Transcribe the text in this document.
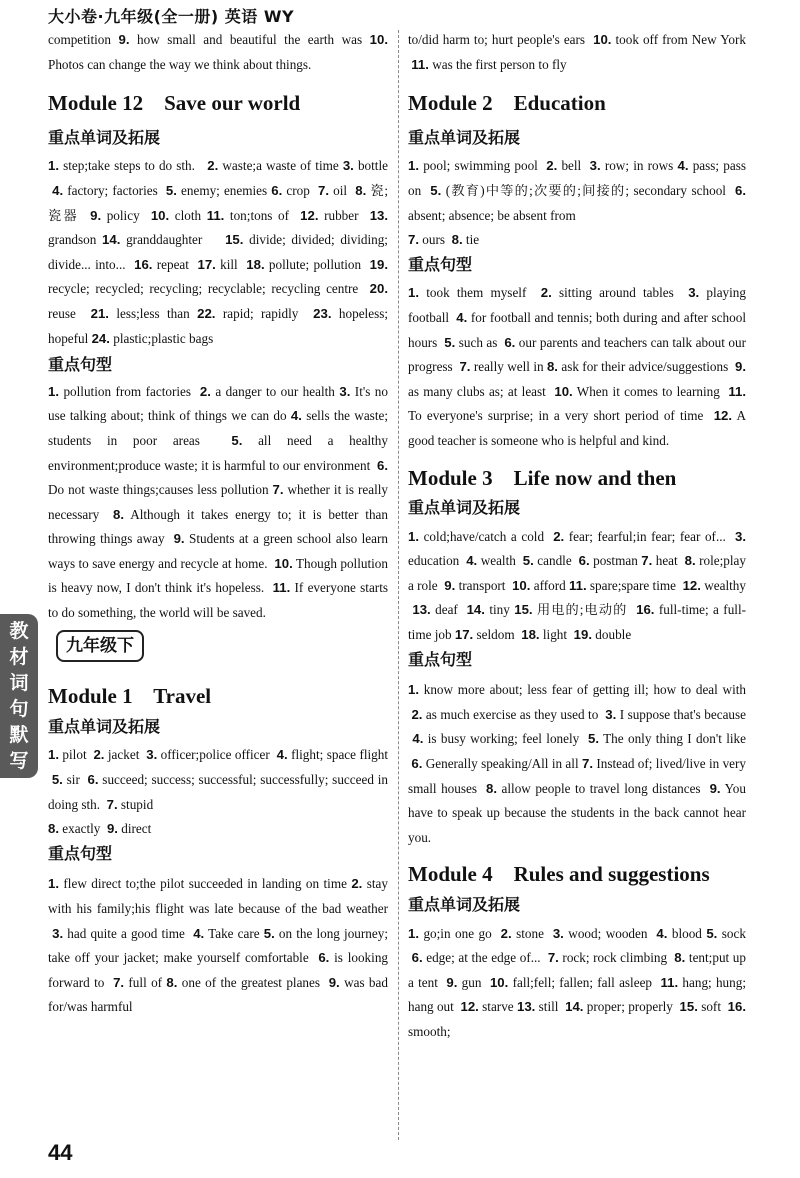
大小卷·九年级(全一册) 英语 WY

competition 9. how small and beautiful the earth was 10. Photos can change the way we think about things.

Module 12    Save our world

重点单词及拓展

1. step;take steps to do sth.   2. waste;a waste of time 3. bottle  4. factory; factories  5. enemy; enemies 6. crop  7. oil  8. 瓷;瓷器  9. policy  10. cloth 11. ton;tons of  12. rubber  13. grandson 14. granddaughter    15. divide; divided; dividing; divide... into...  16. repeat  17. kill  18. pollute; pollution  19. recycle; recycled; recycling; recyclable; recycling centre  20. reuse  21. less;less than 22. rapid; rapidly  23. hopeless; hopeful 24. plastic;plastic bags

重点句型

1. pollution from factories  2. a danger to our health 3. It's no use talking about; think of things we can do 4. sells the waste; students in poor areas  5. all need a healthy environment;produce waste; it is harmful to our environment  6. Do not waste things;causes less pollution 7. whether it is really necessary  8. Although it takes energy to; it is better than throwing things away  9. Students at a green school also learn ways to save energy and recycle at home.  10. Though pollution is heavy now, I don't think it's hopeless.  11. If everyone starts to do something, the world will be saved.

九年级下

Module 1    Travel

重点单词及拓展

1. pilot  2. jacket  3. officer;police officer  4. flight; space flight  5. sir  6. succeed; success; successful; successfully; succeed in doing sth.  7. stupid
8. exactly  9. direct

重点句型

1. flew direct to;the pilot succeeded in landing on time 2. stay with his family;his flight was late because of the bad weather  3. had quite a good time  4. Take care 5. on the long journey; take off your jacket; make yourself comfortable  6. is looking forward to  7. full of 8. one of the greatest planes  9. was bad for/was harmful

to/did harm to; hurt people's ears  10. took off from New York  11. was the first person to fly

Module 2    Education

重点单词及拓展

1. pool; swimming pool  2. bell  3. row; in rows 4. pass; pass on  5. (教育)中等的;次要的;间接的; secondary school  6. absent; absence; be absent from
7. ours  8. tie

重点句型

1. took them myself  2. sitting around tables  3. playing football  4. for football and tennis; both during and after school hours  5. such as  6. our parents and teachers can talk about our progress  7. really well in 8. ask for their advice/suggestions  9. as many clubs as; at least  10. When it comes to learning  11. To everyone's surprise; in a very short period of time  12. A good teacher is someone who is helpful and kind.

Module 3    Life now and then

重点单词及拓展

1. cold;have/catch a cold  2. fear; fearful;in fear; fear of...  3. education  4. wealth  5. candle  6. postman 7. heat  8. role;play a role  9. transport  10. afford 11. spare;spare time  12. wealthy  13. deaf  14. tiny 15. 用电的;电动的  16. full-time; a full-time job 17. seldom  18. light  19. double

重点句型

1. know more about; less fear of getting ill; how to deal with  2. as much exercise as they used to  3. I suppose that's because  4. is busy working; feel lonely  5. The only thing I don't like  6. Generally speaking/All in all 7. Instead of; lived/live in very small houses  8. allow people to travel long distances  9. You have to speak up because the students in the back cannot hear you.

Module 4    Rules and suggestions

重点单词及拓展

1. go;in one go  2. stone  3. wood; wooden  4. blood 5. sock  6. edge; at the edge of...  7. rock; rock climbing  8. tent;put up a tent  9. gun  10. fall;fell; fallen; fall asleep  11. hang; hung; hang out  12. starve 13. still  14. proper; properly  15. soft  16. smooth;

教
材
词
句
默
写
44
